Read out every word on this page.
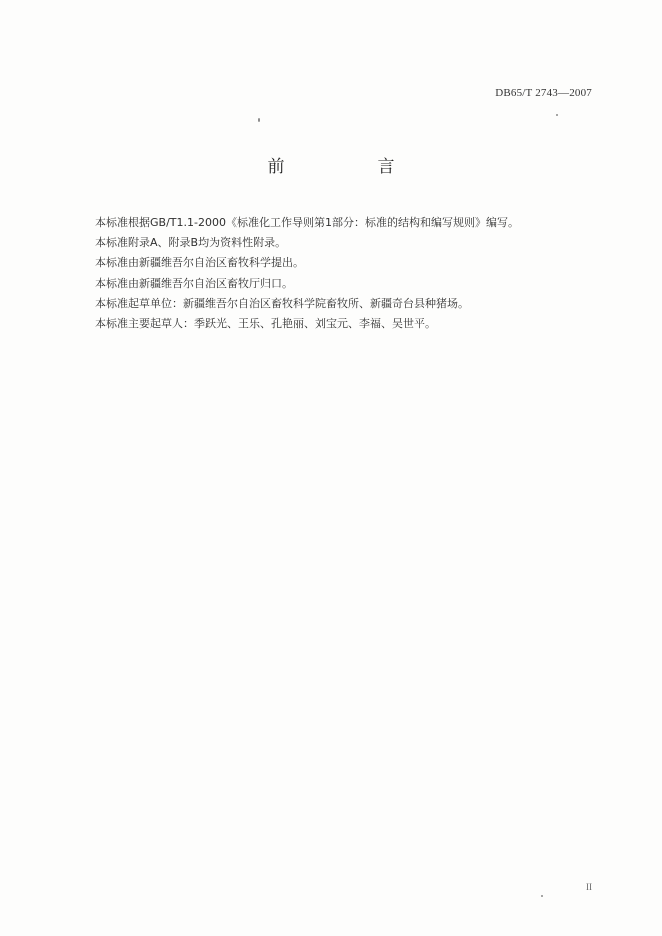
DB65/T 2743—2007
前　言
本标准根据GB/T1.1-2000《标准化工作导则第1部分：标准的结构和编写规则》编写。
本标准附录A、附录B均为资料性附录。
本标准由新疆维吾尔自治区畜牧科学提出。
本标准由新疆维吾尔自治区畜牧厅归口。
本标准起草单位：新疆维吾尔自治区畜牧科学院畜牧所、新疆奇台县种猪场。
本标准主要起草人：季跃光、王乐、孔艳丽、刘宝元、李福、吴世平。
II
